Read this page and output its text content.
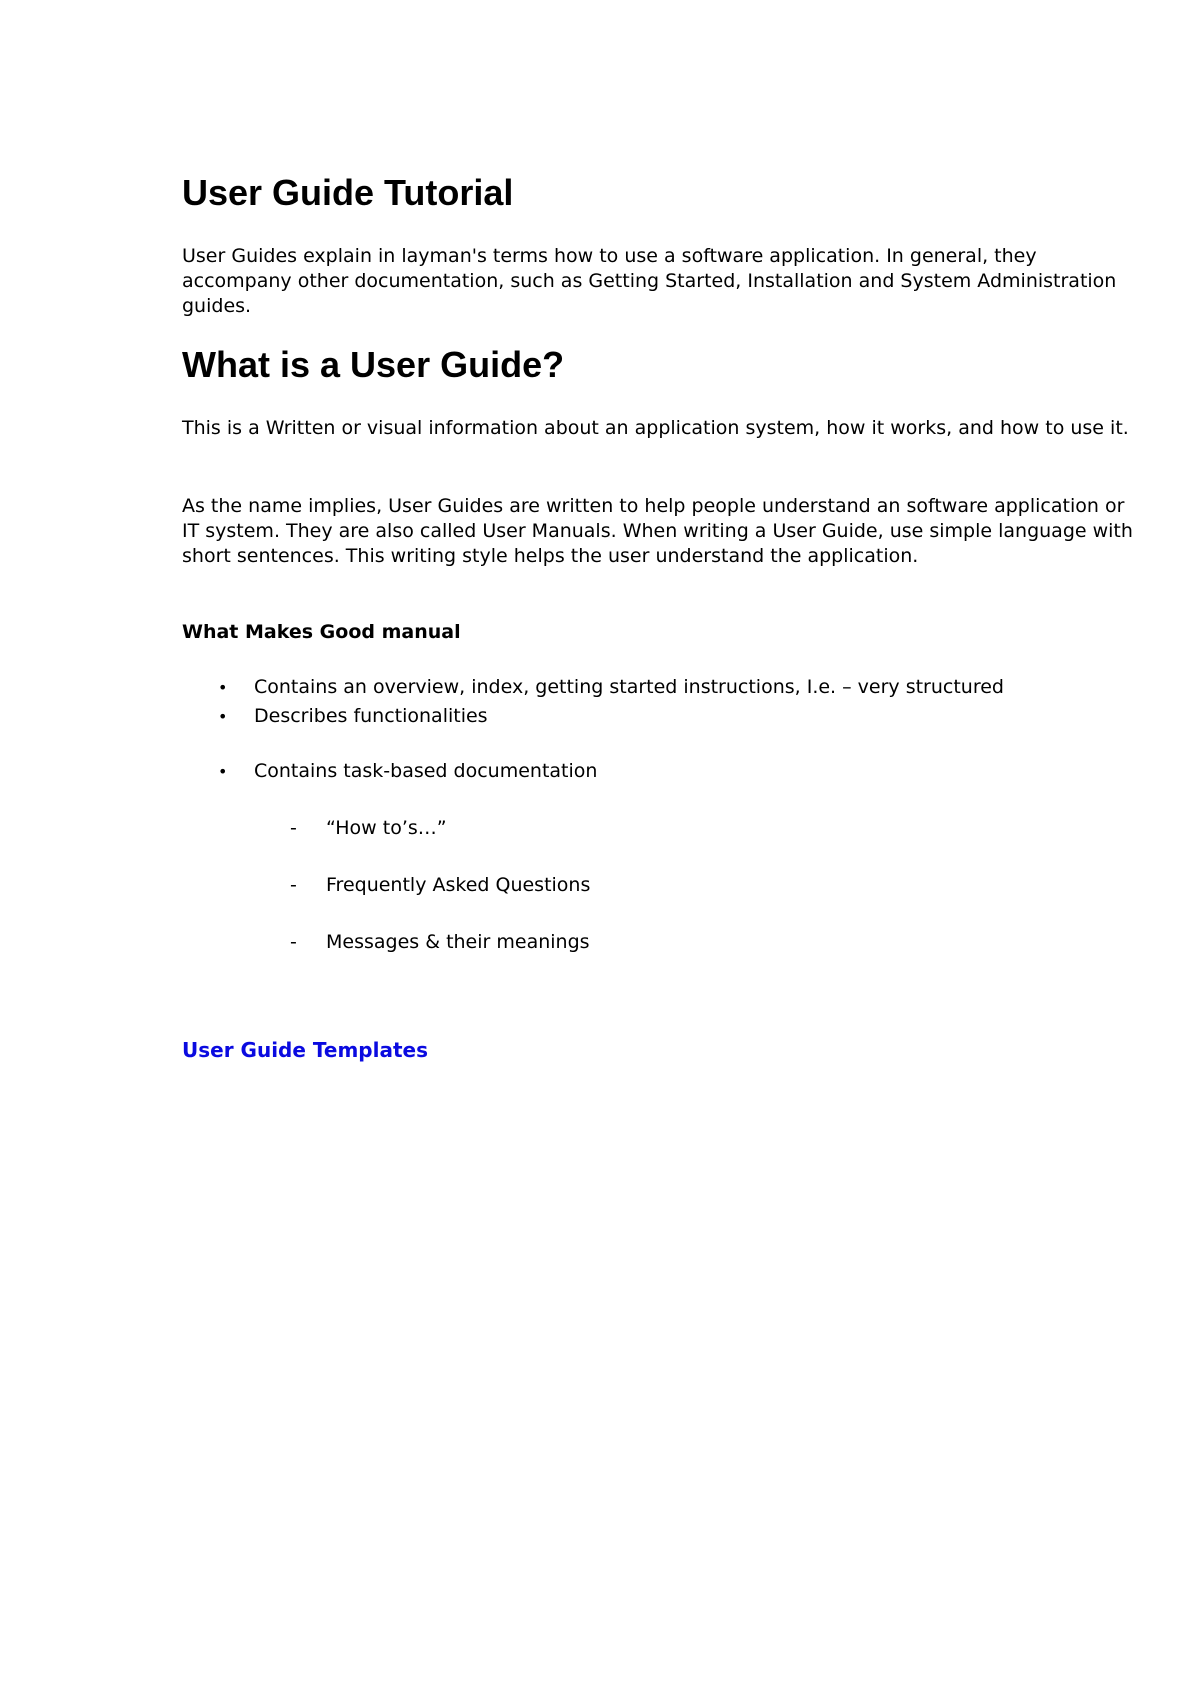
User Guide Tutorial

User Guides explain in layman's terms how to use a software application. In general, they accompany other documentation, such as Getting Started, Installation and System Administration guides.

What is a User Guide?

This is a Written or visual information about an application system, how it works, and how to use it.

As the name implies, User Guides are written to help people understand an software application or IT system. They are also called User Manuals. When writing a User Guide, use simple language with short sentences. This writing style helps the user understand the application.

What Makes Good manual

• Contains an overview, index, getting started instructions, I.e. – very structured

• Describes functionalities

• Contains task-based documentation

- “How to’s…”

- Frequently Asked Questions

- Messages & their meanings

User Guide Templates
